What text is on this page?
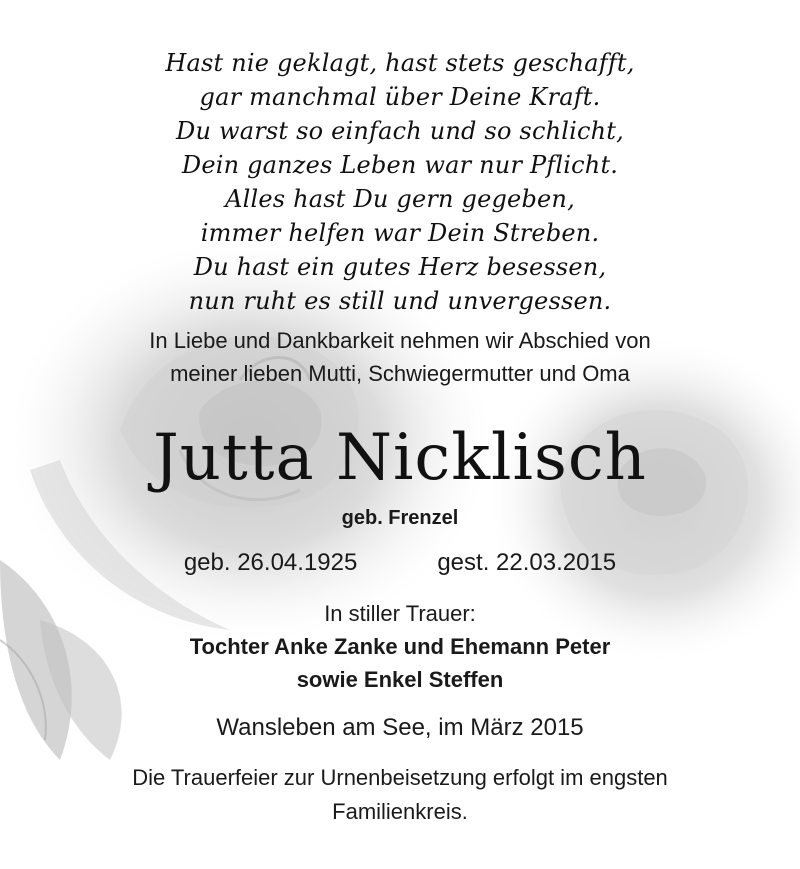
Hast nie geklagt, hast stets geschafft,
gar manchmal über Deine Kraft.
Du warst so einfach und so schlicht,
Dein ganzes Leben war nur Pflicht.
Alles hast Du gern gegeben,
immer helfen war Dein Streben.
Du hast ein gutes Herz besessen,
nun ruht es still und unvergessen.
In Liebe und Dankbarkeit nehmen wir Abschied von
meiner lieben Mutti, Schwiegermutter und Oma
Jutta Nicklisch
geb. Frenzel
geb. 26.04.1925	gest. 22.03.2015
In stiller Trauer:
Tochter Anke Zanke und Ehemann Peter
sowie Enkel Steffen
Wansleben am See, im März 2015
Die Trauerfeier zur Urnenbeisetzung erfolgt im engsten
Familienkreis.
